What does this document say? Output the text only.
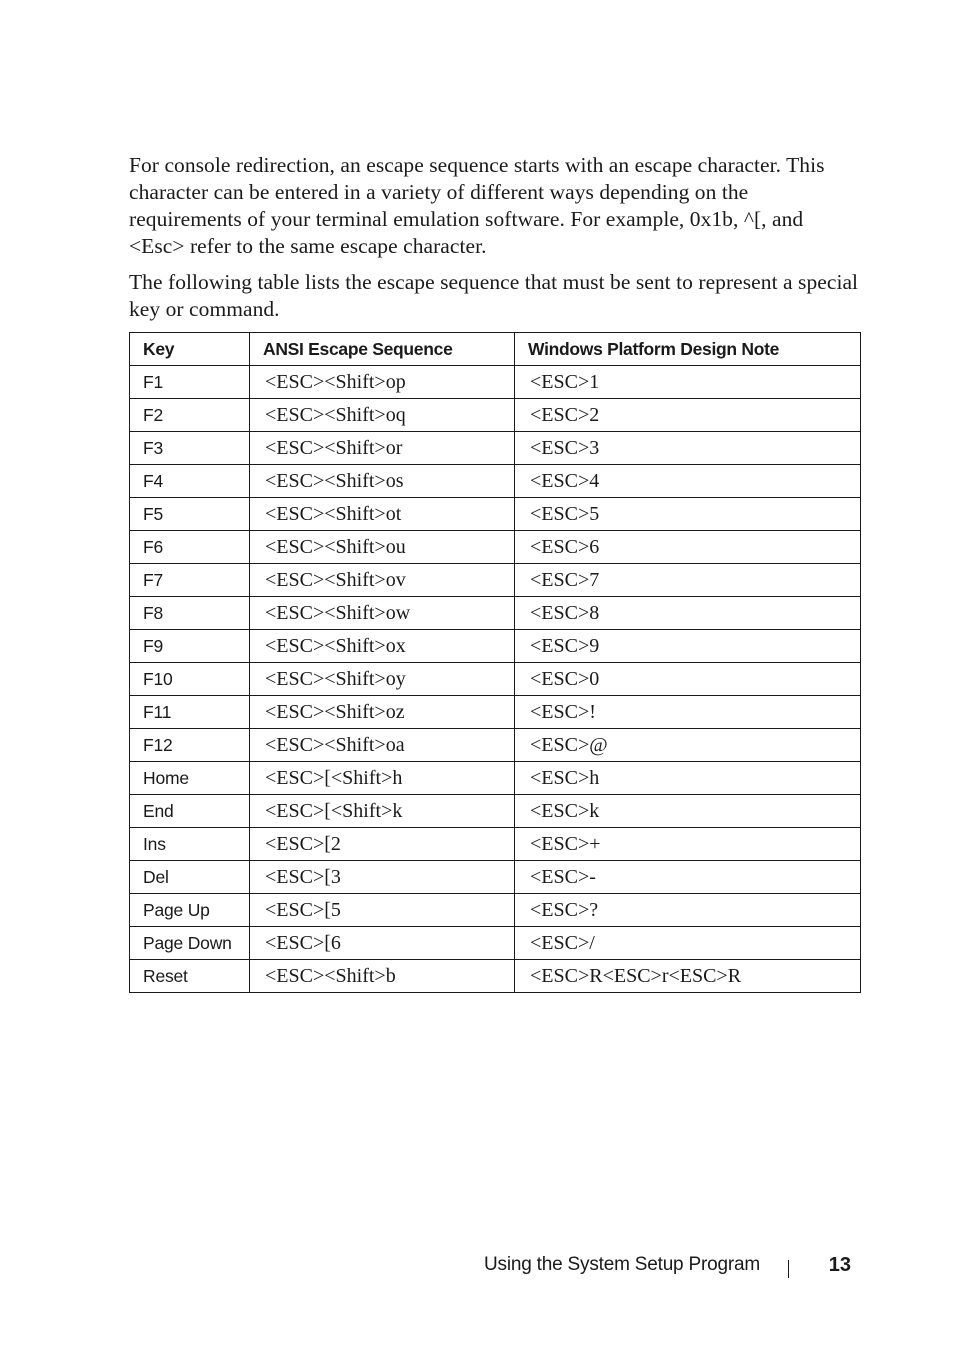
For console redirection, an escape sequence starts with an escape character. This character can be entered in a variety of different ways depending on the requirements of your terminal emulation software. For example, 0x1b, ^[, and <Esc> refer to the same escape character.

The following table lists the escape sequence that must be sent to represent a special key or command.

Key	ANSI Escape Sequence	Windows Platform Design Note
F1	<ESC><Shift>op	<ESC>1
F2	<ESC><Shift>oq	<ESC>2
F3	<ESC><Shift>or	<ESC>3
F4	<ESC><Shift>os	<ESC>4
F5	<ESC><Shift>ot	<ESC>5
F6	<ESC><Shift>ou	<ESC>6
F7	<ESC><Shift>ov	<ESC>7
F8	<ESC><Shift>ow	<ESC>8
F9	<ESC><Shift>ox	<ESC>9
F10	<ESC><Shift>oy	<ESC>0
F11	<ESC><Shift>oz	<ESC>!
F12	<ESC><Shift>oa	<ESC>@
Home	<ESC>[<Shift>h	<ESC>h
End	<ESC>[<Shift>k	<ESC>k
Ins	<ESC>[2	<ESC>+
Del	<ESC>[3	<ESC>-
Page Up	<ESC>[5	<ESC>?
Page Down	<ESC>[6	<ESC>/
Reset	<ESC><Shift>b	<ESC>R<ESC>r<ESC>R
Using the System Setup Program	13
